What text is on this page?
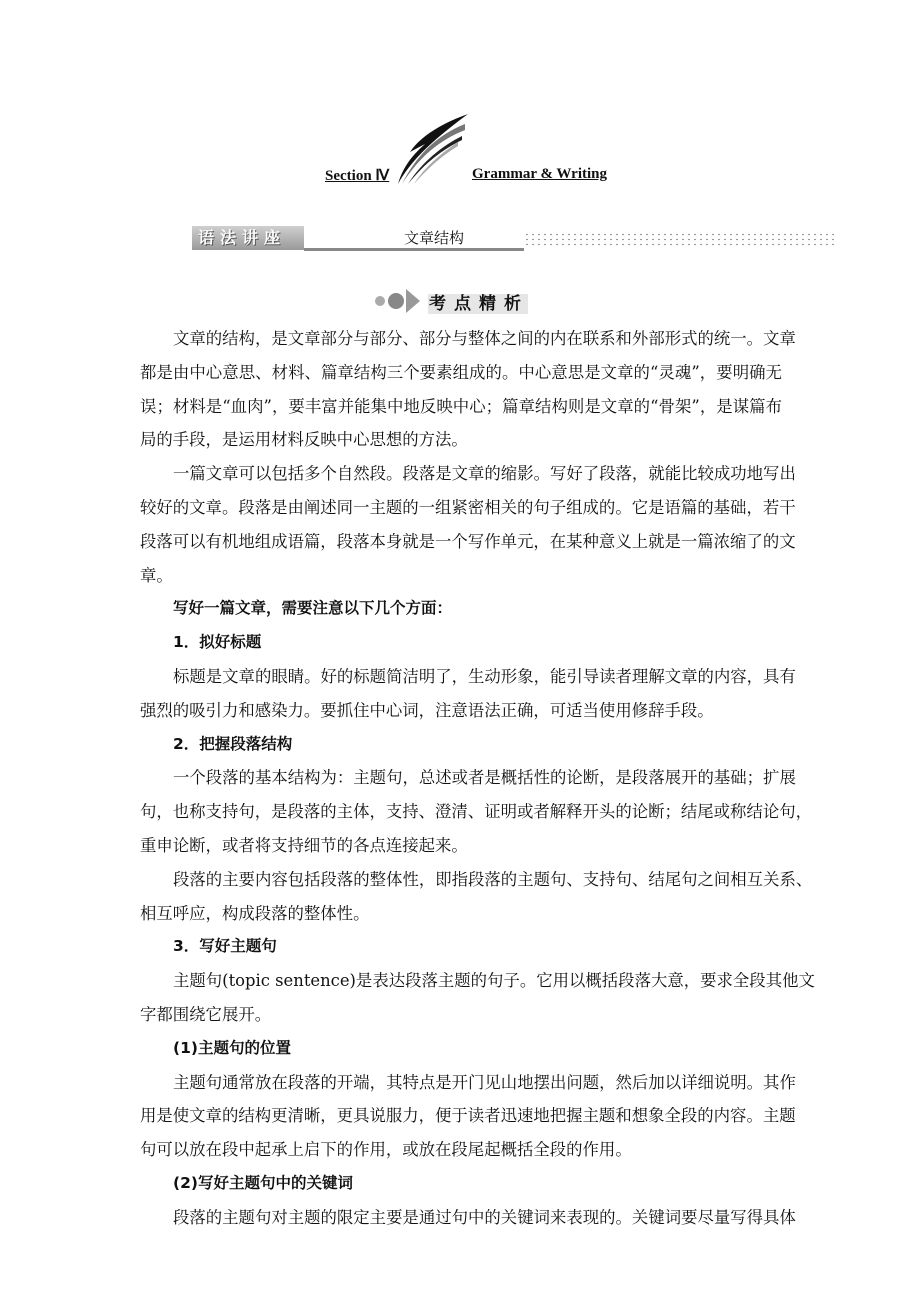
Section Ⅳ	Grammar & Writing
语法讲座	文章结构
考 点 精 析
文章的结构，是文章部分与部分、部分与整体之间的内在联系和外部形式的统一。文章
都是由中心意思、材料、篇章结构三个要素组成的。中心意思是文章的“灵魂”，要明确无
误；材料是“血肉”，要丰富并能集中地反映中心；篇章结构则是文章的“骨架”，是谋篇布
局的手段，是运用材料反映中心思想的方法。
一篇文章可以包括多个自然段。段落是文章的缩影。写好了段落，就能比较成功地写出
较好的文章。段落是由阐述同一主题的一组紧密相关的句子组成的。它是语篇的基础，若干
段落可以有机地组成语篇，段落本身就是一个写作单元，在某种意义上就是一篇浓缩了的文
章。
写好一篇文章，需要注意以下几个方面：
1．拟好标题
标题是文章的眼睛。好的标题简洁明了，生动形象，能引导读者理解文章的内容，具有
强烈的吸引力和感染力。要抓住中心词，注意语法正确，可适当使用修辞手段。
2．把握段落结构
一个段落的基本结构为：主题句，总述或者是概括性的论断，是段落展开的基础；扩展
句，也称支持句，是段落的主体，支持、澄清、证明或者解释开头的论断；结尾或称结论句，
重申论断，或者将支持细节的各点连接起来。
段落的主要内容包括段落的整体性，即指段落的主题句、支持句、结尾句之间相互关系、
相互呼应，构成段落的整体性。
3．写好主题句
主题句(topic sentence)是表达段落主题的句子。它用以概括段落大意，要求全段其他文
字都围绕它展开。
(1)主题句的位置
主题句通常放在段落的开端，其特点是开门见山地摆出问题，然后加以详细说明。其作
用是使文章的结构更清晰，更具说服力，便于读者迅速地把握主题和想象全段的内容。主题
句可以放在段中起承上启下的作用，或放在段尾起概括全段的作用。
(2)写好主题句中的关键词
段落的主题句对主题的限定主要是通过句中的关键词来表现的。关键词要尽量写得具体
